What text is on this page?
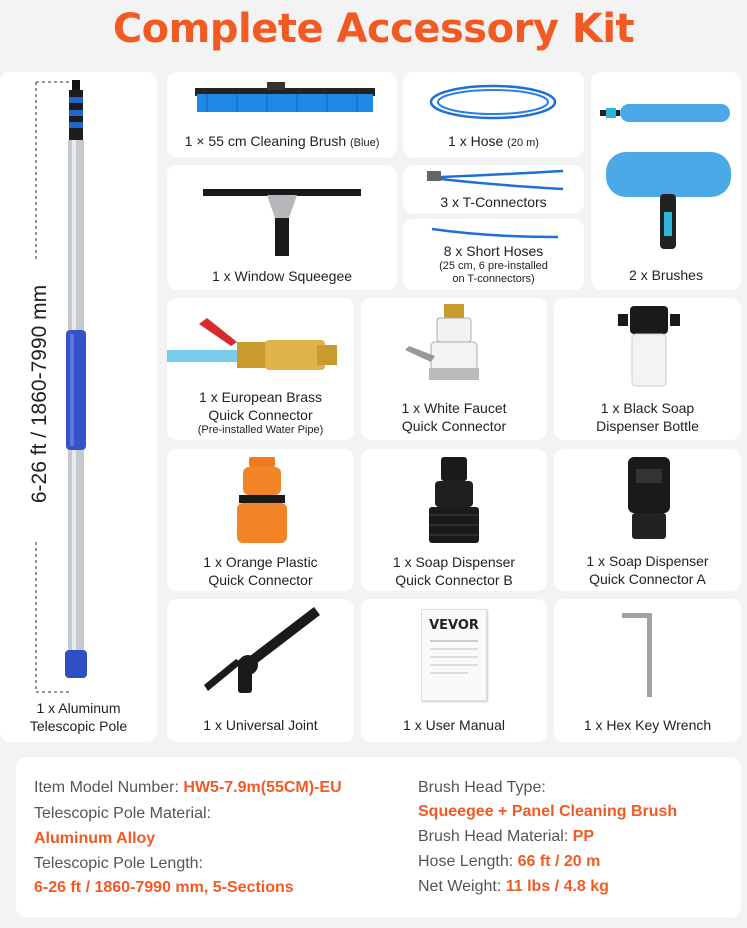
Complete Accessory Kit
6-26 ft / 1860-7990 mm
1 x Aluminum
Telescopic Pole
1 × 55 cm Cleaning Brush (Blue)	1 x Hose (20 m)
2 x Brushes
1 x Window Squeegee
3 x T-Connectors
8 x Short Hoses
(25 cm, 6 pre-installed
on T-connectors)
1 x European Brass
Quick Connector
(Pre-installed Water Pipe)
1 x White Faucet
Quick Connector
1 x Black Soap
Dispenser Bottle
1 x Orange Plastic
Quick Connector
1 x Soap Dispenser
Quick Connector B
1 x Soap Dispenser
Quick Connector A
1 x Universal Joint
VEVOR
1 x User Manual	1 x Hex Key Wrench
Item Model Number: HW5-7.9m(55CM)-EU
Telescopic Pole Material:
Aluminum Alloy
Telescopic Pole Length:
6-26 ft / 1860-7990 mm, 5-Sections
Brush Head Type:
Squeegee + Panel Cleaning Brush
Brush Head Material: PP
Hose Length: 66 ft / 20 m
Net Weight: 11 lbs / 4.8 kg
